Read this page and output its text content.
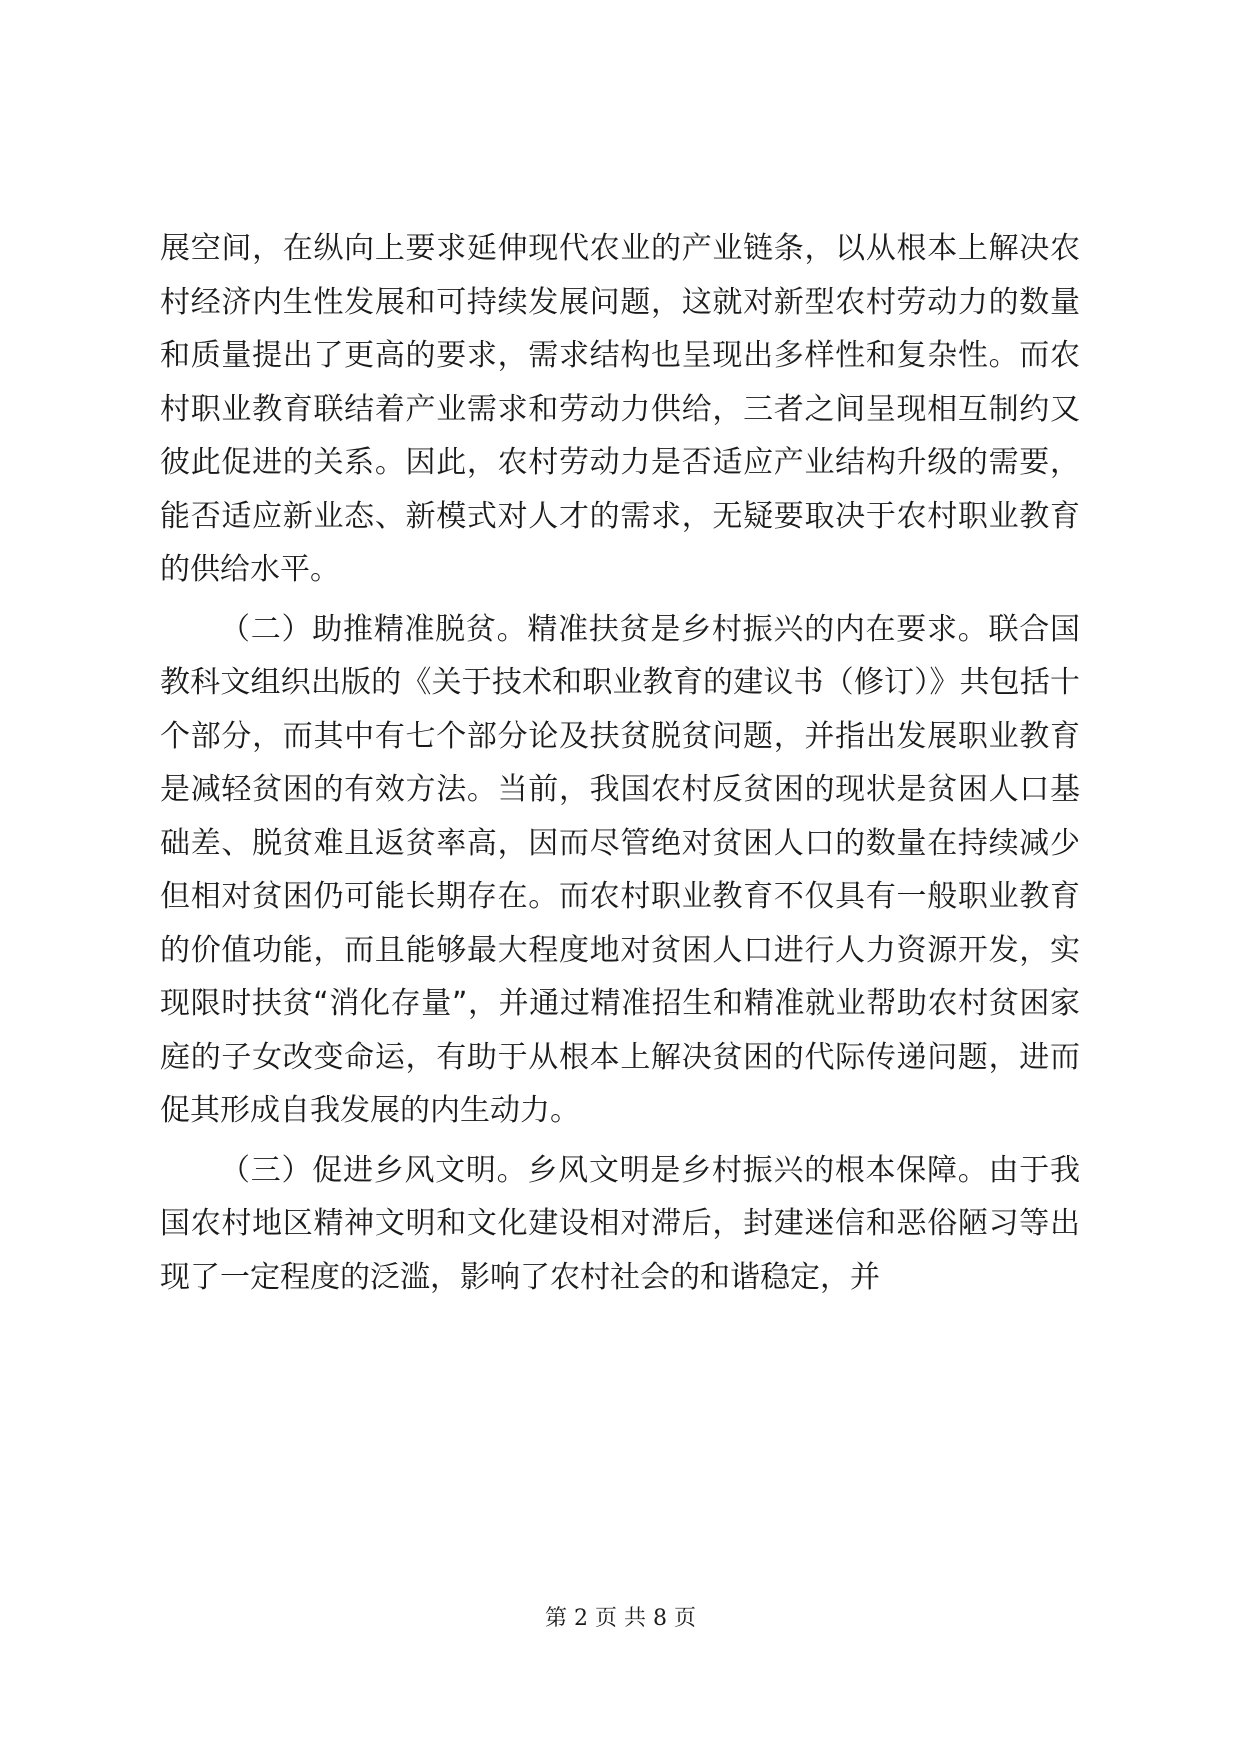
展空间，在纵向上要求延伸现代农业的产业链条，以从根本上解决农村经济内生性发展和可持续发展问题，这就对新型农村劳动力的数量和质量提出了更高的要求，需求结构也呈现出多样性和复杂性。而农村职业教育联结着产业需求和劳动力供给，三者之间呈现相互制约又彼此促进的关系。因此，农村劳动力是否适应产业结构升级的需要，能否适应新业态、新模式对人才的需求，无疑要取决于农村职业教育的供给水平。

（二）助推精准脱贫。精准扶贫是乡村振兴的内在要求。联合国教科文组织出版的《关于技术和职业教育的建议书（修订）》共包括十个部分，而其中有七个部分论及扶贫脱贫问题，并指出发展职业教育是减轻贫困的有效方法。当前，我国农村反贫困的现状是贫困人口基础差、脱贫难且返贫率高，因而尽管绝对贫困人口的数量在持续减少但相对贫困仍可能长期存在。而农村职业教育不仅具有一般职业教育的价值功能，而且能够最大程度地对贫困人口进行人力资源开发，实现限时扶贫“消化存量”，并通过精准招生和精准就业帮助农村贫困家庭的子女改变命运，有助于从根本上解决贫困的代际传递问题，进而促其形成自我发展的内生动力。

（三）促进乡风文明。乡风文明是乡村振兴的根本保障。由于我国农村地区精神文明和文化建设相对滞后，封建迷信和恶俗陋习等出现了一定程度的泛滥，影响了农村社会的和谐稳定，并

第 2 页 共 8 页
